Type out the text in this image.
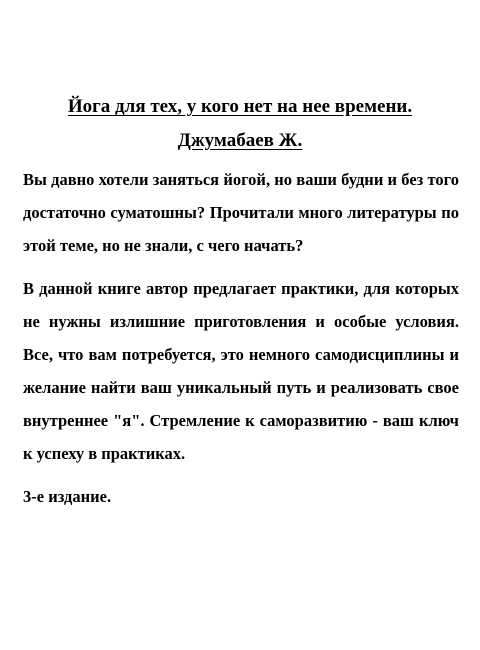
Йога для тех, у кого нет на нее времени.
Джумабаев Ж.

Вы давно хотели заняться йогой, но ваши будни и без того достаточно суматошны? Прочитали много литературы по этой теме, но не знали, с чего начать?

В данной книге автор предлагает практики, для которых не нужны излишние приготовления и особые условия. Все, что вам потребуется, это немного самодисциплины и желание найти ваш уникальный путь и реализовать свое внутреннее "я". Стремление к саморазвитию - ваш ключ к успеху в практиках.

3-е издание.
